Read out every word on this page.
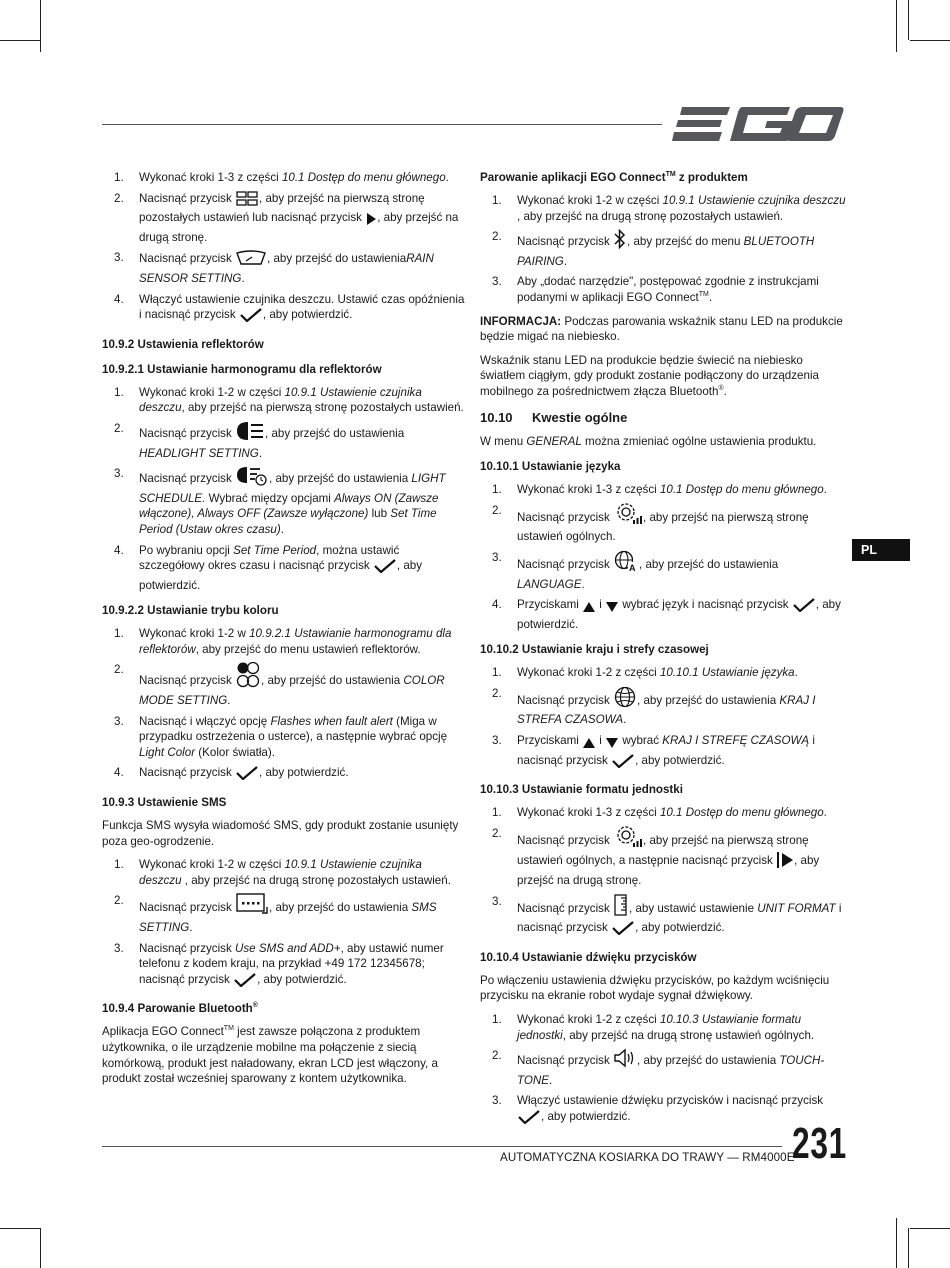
PL
1. Wykonać kroki 1-3 z części 10.1 Dostęp do menu głównego.
2. Nacisnąć przycisk , aby przejść na pierwszą stronę pozostałych ustawień lub nacisnąć przycisk , aby przejść na drugą stronę.
3. Nacisnąć przycisk	, aby przejść do ustawieniaRAIN SENSOR SETTING.
4. Włączyć ustawienie czujnika deszczu. Ustawić czas opóźnienia i nacisnąć przycisk , aby potwierdzić.
10.9.2 Ustawienia reflektorów
10.9.2.1 Ustawianie harmonogramu dla reflektorów
1. Wykonać kroki 1-2 w części 10.9.1 Ustawienie czujnika deszczu, aby przejść na pierwszą stronę pozostałych ustawień.
2. Nacisnąć przycisk	, aby przejść do ustawienia HEADLIGHT SETTING.
3. Nacisnąć przycisk	, aby przejść do ustawienia LIGHT SCHEDULE. Wybrać między opcjami Always ON (Zawsze włączone), Always OFF (Zawsze wyłączone) lub Set Time Period (Ustaw okres czasu).
4. Po wybraniu opcji Set Time Period, można ustawić szczegółowy okres czasu i nacisnąć przycisk , aby potwierdzić.
10.9.2.2 Ustawianie trybu koloru
1. Wykonać kroki 1-2 w 10.9.2.1 Ustawianie harmonogramu dla reflektorów, aby przejść do menu ustawień reflektorów.
2.
Nacisnąć przycisk , aby przejść do ustawienia COLOR MODE SETTING.
3. Nacisnąć i włączyć opcję Flashes when fault alert (Miga w przypadku ostrzeżenia o usterce), a następnie wybrać opcję Light Color (Kolor światła).
4. Nacisnąć przycisk , aby potwierdzić.
10.9.3 Ustawienie SMS

Funkcja SMS wysyła wiadomość SMS, gdy produkt zostanie usunięty poza geo-ogrodzenie.

1. Wykonać kroki 1-2 w części 10.9.1 Ustawienie czujnika deszczu , aby przejść na drugą stronę pozostałych ustawień.
2.
Nacisnąć przycisk	, aby przejść do ustawienia SMS SETTING.
3. Nacisnąć przycisk Use SMS and ADD+, aby ustawić numer telefonu z kodem kraju, na przykład +49 172 12345678; nacisnąć przycisk , aby potwierdzić.
10.9.4 Parowanie Bluetooth®

Aplikacja EGO Connect™ jest zawsze połączona z produktem użytkownika, o ile urządzenie mobilne ma połączenie z siecią komórkową, produkt jest naładowany, ekran LCD jest włączony, a produkt został wcześniej sparowany z kontem użytkownika.

Parowanie aplikacji EGO Connect™ z produktem
1. Wykonać kroki 1-2 w części 10.9.1 Ustawienie czujnika deszczu , aby przejść na drugą stronę pozostałych ustawień.
2. Nacisnąć przycisk , aby przejść do menu BLUETOOTH PAIRING.
3. Aby „dodać narzędzie", postępować zgodnie z instrukcjami podanymi w aplikacji EGO Connect™.

INFORMACJA: Podczas parowania wskaźnik stanu LED na produkcie będzie migać na niebiesko.

Wskaźnik stanu LED na produkcie będzie świecić na niebiesko światłem ciągłym, gdy produkt zostanie podłączony do urządzenia mobilnego za pośrednictwem złącza Bluetooth®.

10.10 Kwestie ogólne

W menu GENERAL można zmieniać ogólne ustawienia produktu.

10.10.1 Ustawianie języka
1. Wykonać kroki 1-3 z części 10.1 Dostęp do menu głównego.
2.
Nacisnąć przycisk	, aby przejść na pierwszą stronę ustawień ogólnych.
3.
Nacisnąć przycisk A , aby przejść do ustawienia LANGUAGE.
4. Przyciskami  i  wybrać język i nacisnąć przycisk , aby potwierdzić.
10.10.2 Ustawianie kraju i strefy czasowej
1. Wykonać kroki 1-2 z części 10.10.1 Ustawianie języka.
2.
Nacisnąć przycisk , aby przejść do ustawienia KRAJ I STREFA CZASOWA.
3. Przyciskami  i  wybrać KRAJ I STREFĘ CZASOWĄ i nacisnąć przycisk , aby potwierdzić.
10.10.3 Ustawianie formatu jednostki
1. Wykonać kroki 1-3 z części 10.1 Dostęp do menu głównego.
2.
Nacisnąć przycisk	, aby przejść na pierwszą stronę ustawień ogólnych, a następnie nacisnąć przycisk , aby przejść na drugą stronę.
3.
Nacisnąć przycisk , aby ustawić ustawienie UNIT FORMAT i nacisnąć przycisk , aby potwierdzić.
10.10.4 Ustawianie dźwięku przycisków

Po włączeniu ustawienia dźwięku przycisków, po każdym wciśnięciu przycisku na ekranie robot wydaje sygnał dźwiękowy.

1. Wykonać kroki 1-2 z części 10.10.3 Ustawianie formatu jednostki, aby przejść na drugą stronę ustawień ogólnych.
2. Nacisnąć przycisk , aby przejść do ustawienia TOUCH-TONE.
3. Włączyć ustawienie dźwięku przycisków i nacisnąć przycisk , aby potwierdzić.
AUTOMATYCZNA KOSIARKA DO TRAWY — RM4000E
231
